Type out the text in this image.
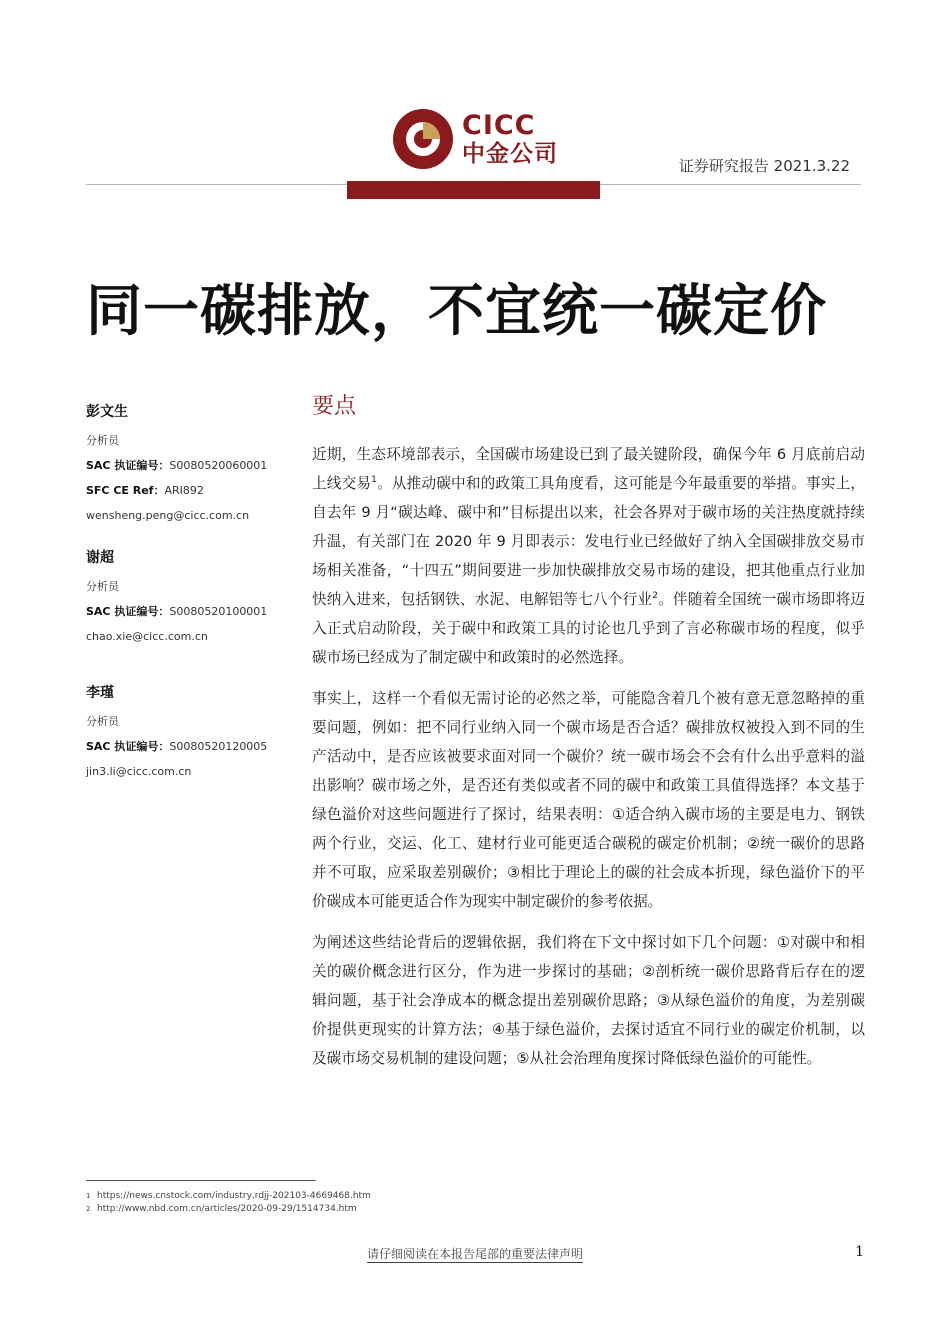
CICC
中金公司	证券研究报告 2021.3.22
同一碳排放，不宜统一碳定价
彭文生
分析员
SAC 执证编号：S0080520060001
SFC CE Ref：ARI892
wensheng.peng@cicc.com.cn
谢超
分析员
SAC 执证编号：S0080520100001
chao.xie@cicc.com.cn
李瑾
分析员
SAC 执证编号：S0080520120005
jin3.li@cicc.com.cn
要点

近期，生态环境部表示，全国碳市场建设已到了最关键阶段，确保今年 6 月底前启动上线交易$^1$。从推动碳中和的政策工具角度看，这可能是今年最重要的举措。事实上，自去年 9 月“碳达峰、碳中和”目标提出以来，社会各界对于碳市场的关注热度就持续升温，有关部门在 2020 年 9 月即表示：发电行业已经做好了纳入全国碳排放交易市场相关准备，“十四五”期间要进一步加快碳排放交易市场的建设，把其他重点行业加快纳入进来，包括钢铁、水泥、电解铝等七八个行业$^2$。伴随着全国统一碳市场即将迈入正式启动阶段，关于碳中和政策工具的讨论也几乎到了言必称碳市场的程度，似乎碳市场已经成为了制定碳中和政策时的必然选择。

事实上，这样一个看似无需讨论的必然之举，可能隐含着几个被有意无意忽略掉的重要问题，例如：把不同行业纳入同一个碳市场是否合适？碳排放权被投入到不同的生产活动中，是否应该被要求面对同一个碳价？统一碳市场会不会有什么出乎意料的溢出影响？碳市场之外，是否还有类似或者不同的碳中和政策工具值得选择？本文基于绿色溢价对这些问题进行了探讨，结果表明：①适合纳入碳市场的主要是电力、钢铁两个行业，交运、化工、建材行业可能更适合碳税的碳定价机制；②统一碳价的思路并不可取，应采取差别碳价；③相比于理论上的碳的社会成本折现，绿色溢价下的平价碳成本可能更适合作为现实中制定碳价的参考依据。

为阐述这些结论背后的逻辑依据，我们将在下文中探讨如下几个问题：①对碳中和相关的碳价概念进行区分，作为进一步探讨的基础；②剖析统一碳价思路背后存在的逻辑问题，基于社会净成本的概念提出差别碳价思路；③从绿色溢价的角度，为差别碳价提供更现实的计算方法；④基于绿色溢价，去探讨适宜不同行业的碳定价机制，以及碳市场交易机制的建设问题；⑤从社会治理角度探讨降低绿色溢价的可能性。

1 https://news.cnstock.com/industry,rdjj-202103-4669468.htm
2 http://www.nbd.com.cn/articles/2020-09-29/1514734.htm
请仔细阅读在本报告尾部的重要法律声明	1
